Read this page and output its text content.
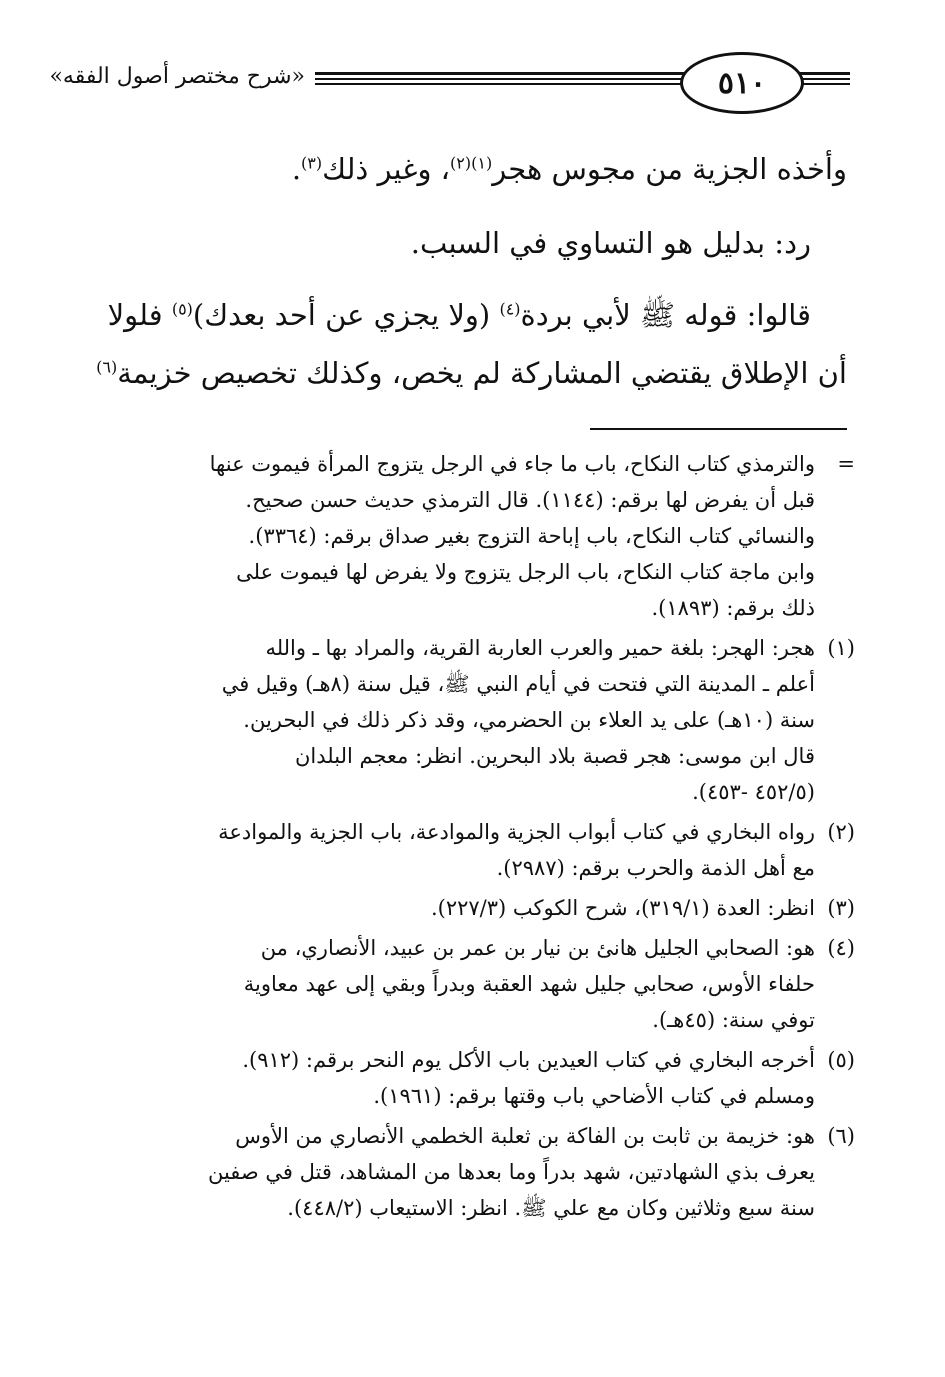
٥١٠
«شرح مختصر أصول الفقه»

وأخذه الجزية من مجوس هجر$^{(١)(٢)}$، وغير ذلك$^{(٣)}$.

رد: بدليل هو التساوي في السبب.

قالوا: قوله ﷺ لأبي بردة$^{(٤)}$ (ولا يجزي عن أحد بعدك)$^{(٥)}$ فلولا

أن الإطلاق يقتضي المشاركة لم يخص، وكذلك تخصيص خزيمة$^{(٦)}$

=
والترمذي كتاب النكاح، باب ما جاء في الرجل يتزوج المرأة فيموت عنها
قبل أن يفرض لها برقم: (١١٤٤). قال الترمذي حديث حسن صحيح.
والنسائي كتاب النكاح، باب إباحة التزوج بغير صداق برقم: (٣٣٦٤).
وابن ماجة كتاب النكاح، باب الرجل يتزوج ولا يفرض لها فيموت على
ذلك برقم: (١٨٩٣).
(١)
هجر: الهجر: بلغة حمير والعرب العاربة القرية، والمراد بها ـ والله
أعلم ـ المدينة التي فتحت في أيام النبي ﷺ، قيل سنة (٨هـ) وقيل في
سنة (١٠هـ) على يد العلاء بن الحضرمي، وقد ذكر ذلك في البحرين.
قال ابن موسى: هجر قصبة بلاد البحرين. انظر: معجم البلدان
(٤٥٢/٥ -٤٥٣).
(٢)
رواه البخاري في كتاب أبواب الجزية والموادعة، باب الجزية والموادعة
مع أهل الذمة والحرب برقم: (٢٩٨٧).
(٣)
انظر: العدة (٣١٩/١)، شرح الكوكب (٢٢٧/٣).
(٤)
هو: الصحابي الجليل هانئ بن نيار بن عمر بن عبيد، الأنصاري، من
حلفاء الأوس، صحابي جليل شهد العقبة وبدراً وبقي إلى عهد معاوية
توفي سنة: (٤٥هـ).
(٥)
أخرجه البخاري في كتاب العيدين باب الأكل يوم النحر برقم: (٩١٢).
ومسلم في كتاب الأضاحي باب وقتها برقم: (١٩٦١).
(٦)
هو: خزيمة بن ثابت بن الفاكة بن ثعلبة الخطمي الأنصاري من الأوس
يعرف بذي الشهادتين، شهد بدراً وما بعدها من المشاهد، قتل في صفين
سنة سبع وثلاثين وكان مع علي ﷺ. انظر: الاستيعاب (٤٤٨/٢).
